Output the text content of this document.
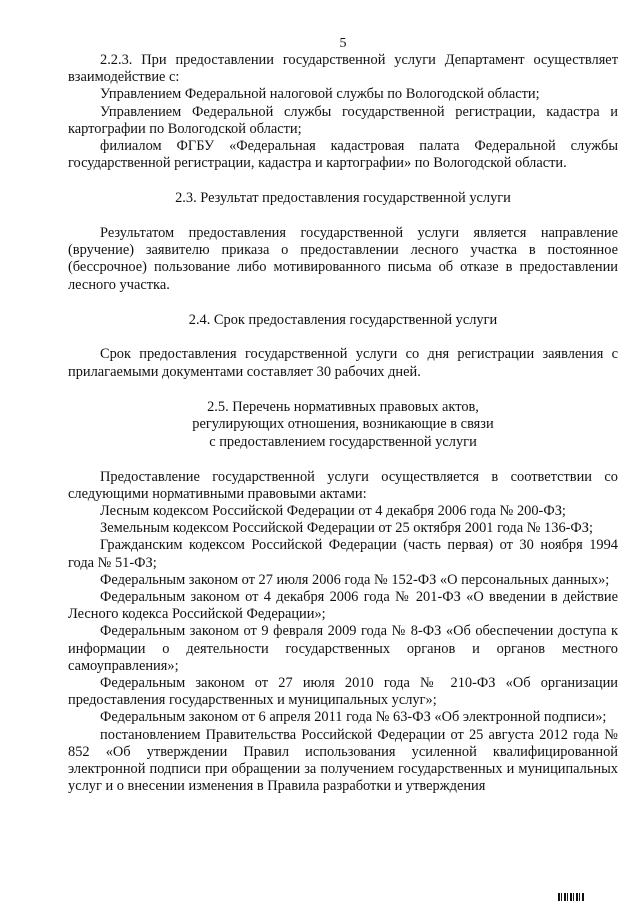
5

2.2.3. При предоставлении государственной услуги Департамент осуществляет взаимодействие с:

Управлением Федеральной налоговой службы по Вологодской области;

Управлением Федеральной службы государственной регистрации, кадастра и картографии по Вологодской области;

филиалом ФГБУ «Федеральная кадастровая палата Федеральной службы государственной регистрации, кадастра и картографии» по Вологодской области.

2.3. Результат предоставления государственной услуги

Результатом предоставления государственной услуги является направление (вручение) заявителю приказа о предоставлении лесного участка в постоянное (бессрочное) пользование либо мотивированного письма об отказе в предоставлении лесного участка.

2.4. Срок предоставления государственной услуги

Срок предоставления государственной услуги со дня регистрации заявления с прилагаемыми документами составляет 30 рабочих дней.

2.5. Перечень нормативных правовых актов,
регулирующих отношения, возникающие в связи
с предоставлением государственной услуги

Предоставление государственной услуги осуществляется в соответствии со следующими нормативными правовыми актами:

Лесным кодексом Российской Федерации от 4 декабря 2006 года № 200-ФЗ;

Земельным кодексом Российской Федерации от 25 октября 2001 года № 136-ФЗ;

Гражданским кодексом Российской Федерации (часть первая) от 30 ноября 1994 года № 51-ФЗ;

Федеральным законом от 27 июля 2006 года № 152-ФЗ «О персональных данных»;

Федеральным законом от 4 декабря 2006 года № 201-ФЗ «О введении в действие Лесного кодекса Российской Федерации»;

Федеральным законом от 9 февраля 2009 года № 8-ФЗ «Об обеспечении доступа к информации о деятельности государственных органов и органов местного самоуправления»;

Федеральным законом от 27 июля 2010 года № 210-ФЗ «Об организации предоставления государственных и муниципальных услуг»;

Федеральным законом от 6 апреля 2011 года № 63-ФЗ «Об электронной подписи»;

постановлением Правительства Российской Федерации от 25 августа 2012 года № 852 «Об утверждении Правил использования усиленной квалифицированной электронной подписи при обращении за получением государственных и муниципальных услуг и о внесении изменения в Правила разработки и утверждения
